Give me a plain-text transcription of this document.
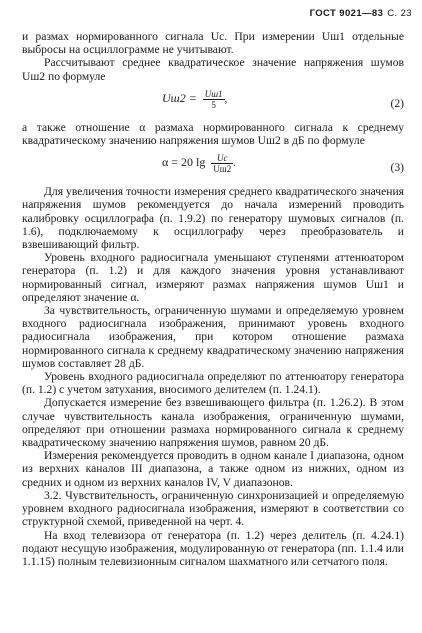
ГОСТ 9021—83 С. 23

и размах нормированного сигнала Uc. При измерении Uш1 отдельные выбросы на осциллограмме не учитывают.

Рассчитывают среднее квадратическое значение напряжения шумов Uш2 по формуле

$Uш2 = \frac{Uш1}{5}$ ,	(2)

а также отношение α размаха нормированного сигнала к среднему квадратическому значению напряжения шумов Uш2 в дБ по формуле

α = 20 $\lg \frac{Uc}{Uш2}$ .	(3)

Для увеличения точности измерения среднего квадратического значения напряжения шумов рекомендуется до начала измерений проводить калибровку осциллографа (п. 1.9.2) по генератору шумовых сигналов (п. 1.6), подключаемому к осциллографу через преобразователь и взвешивающий фильтр.

Уровень входного радиосигнала уменьшают ступенями аттенюатором генератора (п. 1.2) и для каждого значения уровня устанавливают нормированный сигнал, измеряют размах напряжения шумов Uш1 и определяют значение α.

За чувствительность, ограниченную шумами и определяемую уровнем входного радиосигнала изображения, принимают уровень входного радиосигнала изображения, при котором отношение размаха нормированного сигнала к среднему квадратическому значению напряжения шумов составляет 28 дБ.

Уровень входного радиосигнала определяют по аттенюатору генератора (п. 1.2) с учетом затухания, вносимого делителем (п. 1.24.1).

Допускается измерение без взвешивающего фильтра (п. 1.26.2). В этом случае чувствительность канала изображения, ограниченную шумами, определяют при отношении размаха нормированного сигнала к среднему квадратическому значению напряжения шумов, равном 20 дБ.

Измерения рекомендуется проводить в одном канале I диапазона, одном из верхних каналов III диапазона, а также одном из нижних, одном из средних и одном из верхних каналов IV, V диапазонов.

3.2. Чувствительность, ограниченную синхронизацией и определяемую уровнем входного радиосигнала изображения, измеряют в соответствии со структурной схемой, приведенной на черт. 4.

На вход телевизора от генератора (п. 1.2) через делитель (п. 4.24.1) подают несущую изображения, модулированную от генератора (пп. 1.1.4 или 1.1.15) полным телевизионным сигналом шахматного или сетчатого поля.
